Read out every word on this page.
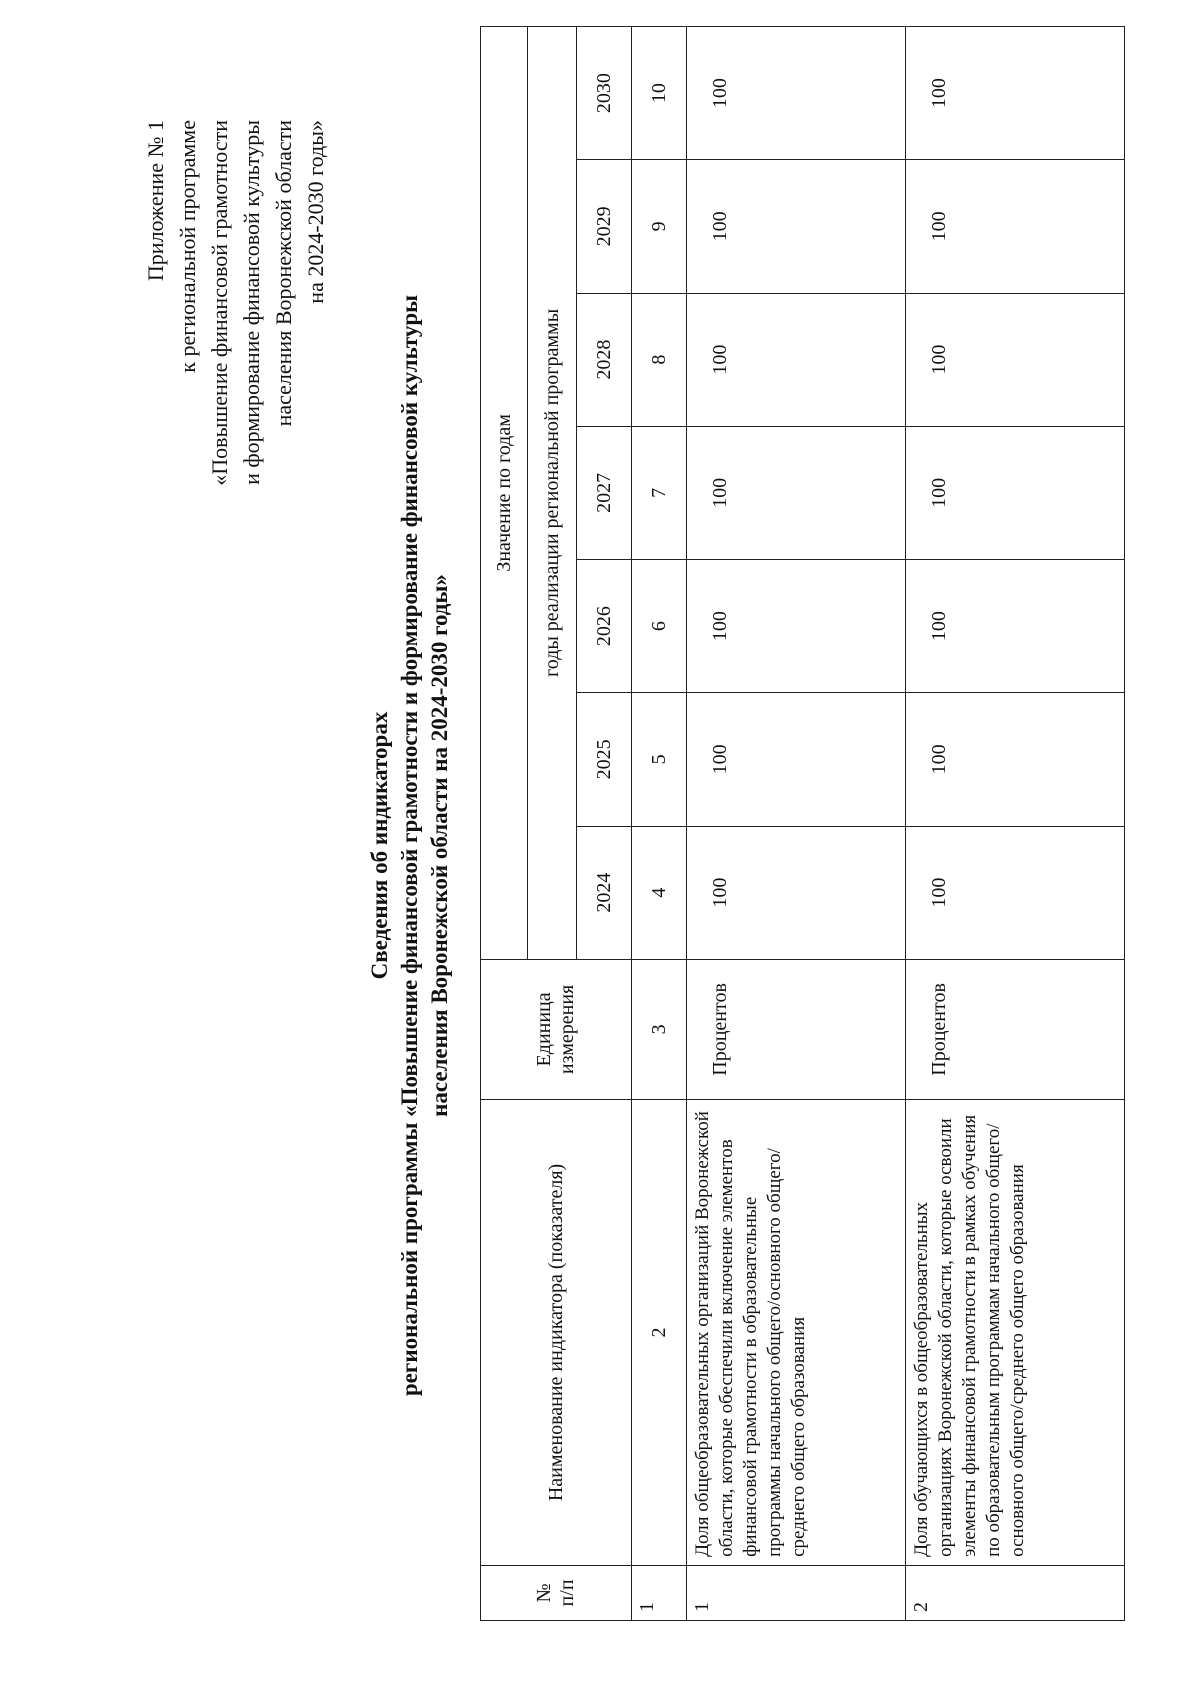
Приложение № 1 к региональной программе «Повышение финансовой грамотности и формирование финансовой культуры населения Воронежской области на 2024-2030 годы»
Сведения об индикаторах региональной программы «Повышение финансовой грамотности и формирование финансовой культуры населения Воронежской области на 2024-2030 годы»
№ п/п	Наименование индикатора (показателя)	Единица измерения	Значение по годам						
			годы реализации региональной программы						
			2024	2025	2026	2027	2028	2029	2030
1	2	3	4	5	6	7	8	9	10
1	Доля общеобразовательных организаций Воронежской области, которые обеспечили включение элементов финансовой грамотности в образовательные программы начального общего/основного общего/среднего общего образования	Процентов	100	100	100	100	100	100	100
2	Доля обучающихся в общеобразовательных организациях Воронежской области, которые освоили элементы финансовой грамотности в рамках обучения по образовательным программам начального общего/основного общего/среднего общего образования	Процентов	100	100	100	100	100	100	100
